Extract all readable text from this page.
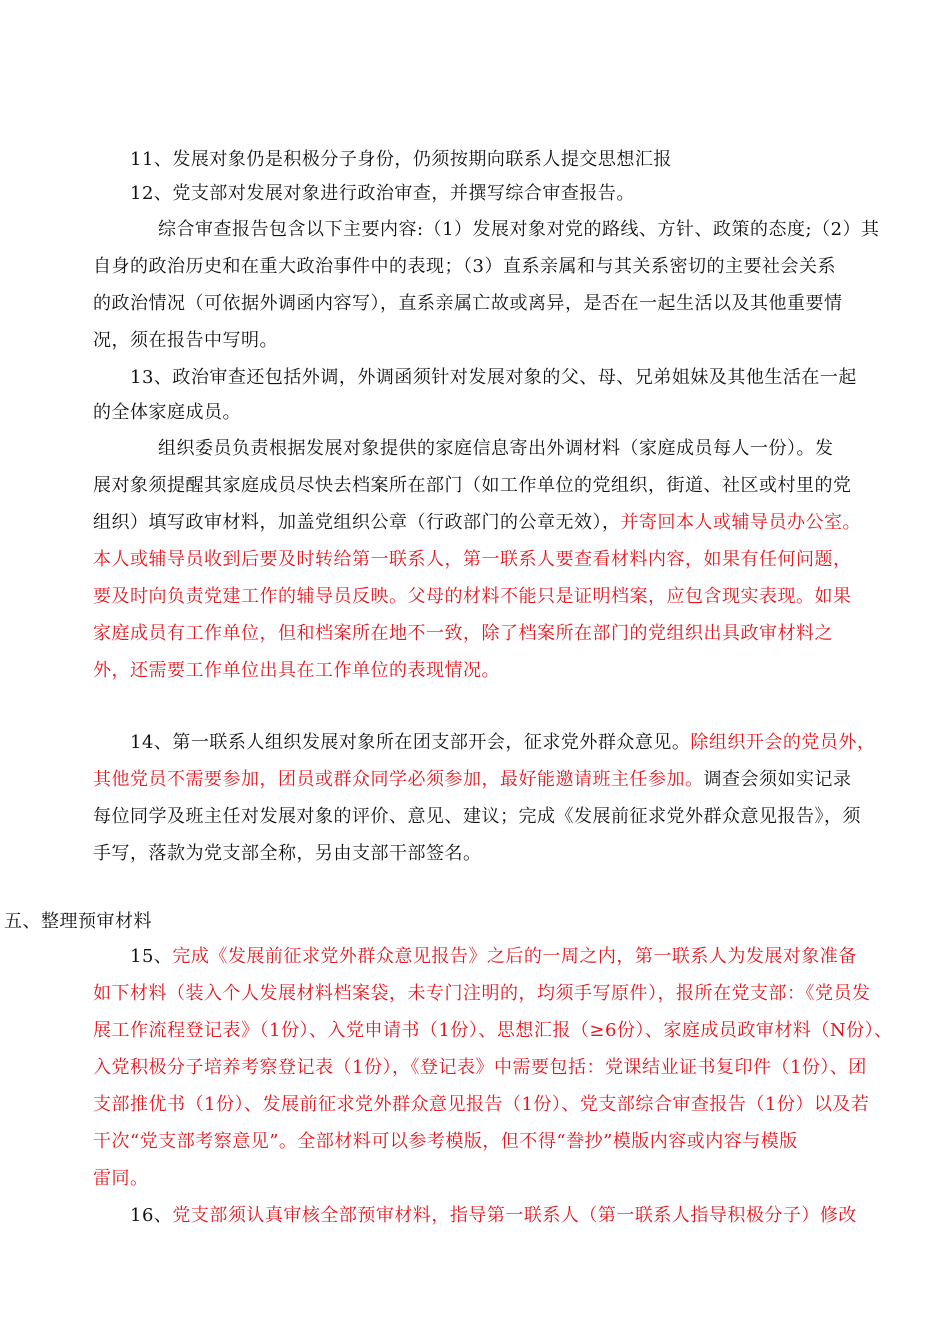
11、发展对象仍是积极分子身份，仍须按期向联系人提交思想汇报
12、党支部对发展对象进行政治审查，并撰写综合审查报告。
综合审查报告包含以下主要内容:（1）发展对象对党的路线、方针、政策的态度;（2）其
自身的政治历史和在重大政治事件中的表现；（3）直系亲属和与其关系密切的主要社会关系
的政治情况（可依据外调函内容写），直系亲属亡故或离异，是否在一起生活以及其他重要情
况，须在报告中写明。
13、政治审查还包括外调，外调函须针对发展对象的父、母、兄弟姐妹及其他生活在一起
的全体家庭成员。
组织委员负责根据发展对象提供的家庭信息寄出外调材料（家庭成员每人一份）。发
展对象须提醒其家庭成员尽快去档案所在部门（如工作单位的党组织，街道、社区或村里的党
组织）填写政审材料，加盖党组织公章（行政部门的公章无效），并寄回本人或辅导员办公室。
本人或辅导员收到后要及时转给第一联系人，第一联系人要查看材料内容，如果有任何问题，
要及时向负责党建工作的辅导员反映。父母的材料不能只是证明档案，应包含现实表现。如果
家庭成员有工作单位，但和档案所在地不一致，除了档案所在部门的党组织出具政审材料之
外，还需要工作单位出具在工作单位的表现情况。
14、第一联系人组织发展对象所在团支部开会，征求党外群众意见。除组织开会的党员外，
其他党员不需要参加，团员或群众同学必须参加，最好能邀请班主任参加。调查会须如实记录
每位同学及班主任对发展对象的评价、意见、建议；完成《发展前征求党外群众意见报告》，须
手写，落款为党支部全称，另由支部干部签名。
五、整理预审材料
15、完成《发展前征求党外群众意见报告》之后的一周之内，第一联系人为发展对象准备
如下材料（装入个人发展材料档案袋，未专门注明的，均须手写原件），报所在党支部：《党员发
展工作流程登记表》（1份）、入党申请书（1份）、思想汇报（≥6份）、家庭成员政审材料（N份）、
入党积极分子培养考察登记表（1份），《登记表》中需要包括：党课结业证书复印件（1份）、团
支部推优书（1份）、发展前征求党外群众意见报告（1份）、党支部综合审查报告（1份）以及若
干次“党支部考察意见”。全部材料可以参考模版，但不得“誊抄”模版内容或内容与模版
雷同。
16、党支部须认真审核全部预审材料，指导第一联系人（第一联系人指导积极分子）修改
